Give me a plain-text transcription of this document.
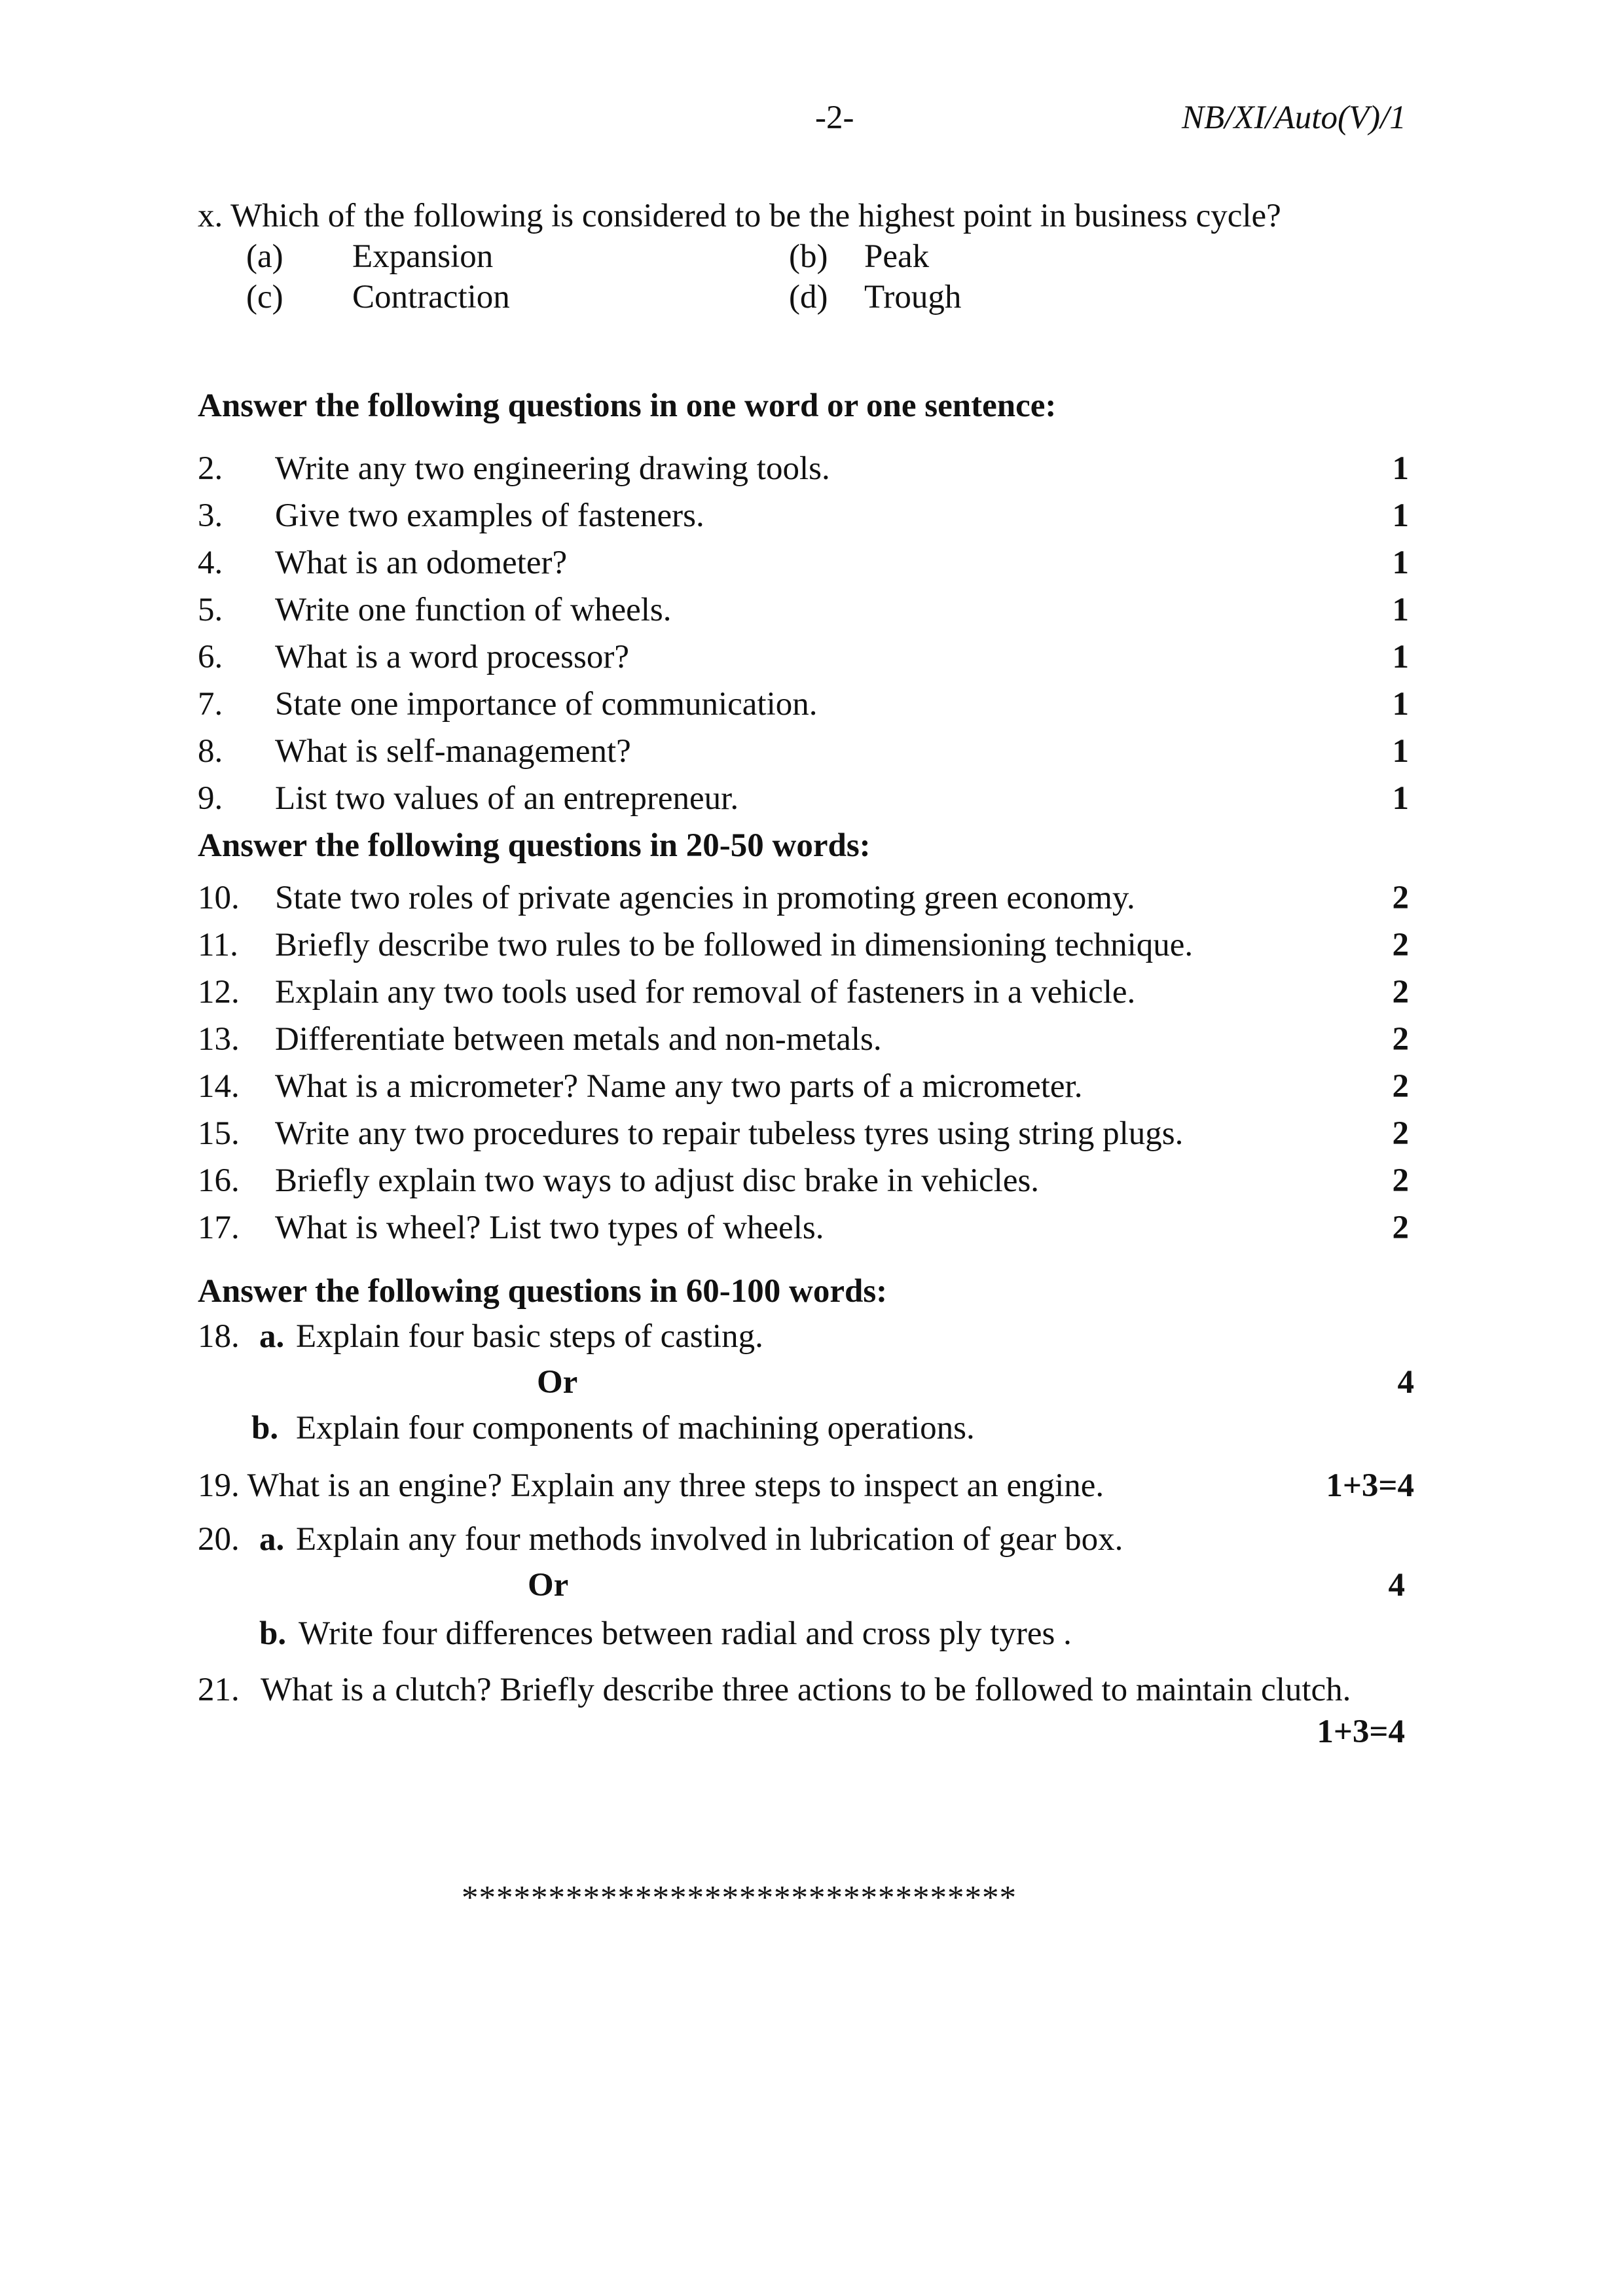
-2-	NB/XI/Auto(V)/1
x. Which of the following is considered to be the highest point in business cycle?
(a) Expansion	(b) Peak
(c) Contraction	(d) Trough
Answer the following questions in one word or one sentence:
2. Write any two engineering drawing tools.	1
3. Give two examples of fasteners.	1
4. What is an odometer?	1
5. Write one function of wheels.	1
6. What is a word processor?	1
7. State one importance of communication.	1
8. What is self-management?	1
9. List two values of an entrepreneur.	1
Answer the following questions in 20-50 words:
10. State two roles of private agencies in promoting green economy.	2
11. Briefly describe two rules to be followed in dimensioning technique.	2
12. Explain any two tools used for removal of fasteners in a vehicle.	2
13. Differentiate between metals and non-metals.	2
14. What is a micrometer? Name any two parts of a micrometer.	2
15. Write any two procedures to repair tubeless tyres using string plugs.	2
16. Briefly explain two ways to adjust disc brake in vehicles.	2
17. What is wheel? List two types of wheels.	2
Answer the following questions in 60-100 words:
18. a. Explain four basic steps of casting.
Or	4
b. Explain four components of machining operations.
19. What is an engine? Explain any three steps to inspect an engine.	1+3=4
20. a. Explain any four methods involved in lubrication of gear box.
Or	4
b. Write four differences between radial and cross ply tyres .
21. What is a clutch? Briefly describe three actions to be followed to maintain clutch.
1+3=4
********************************
